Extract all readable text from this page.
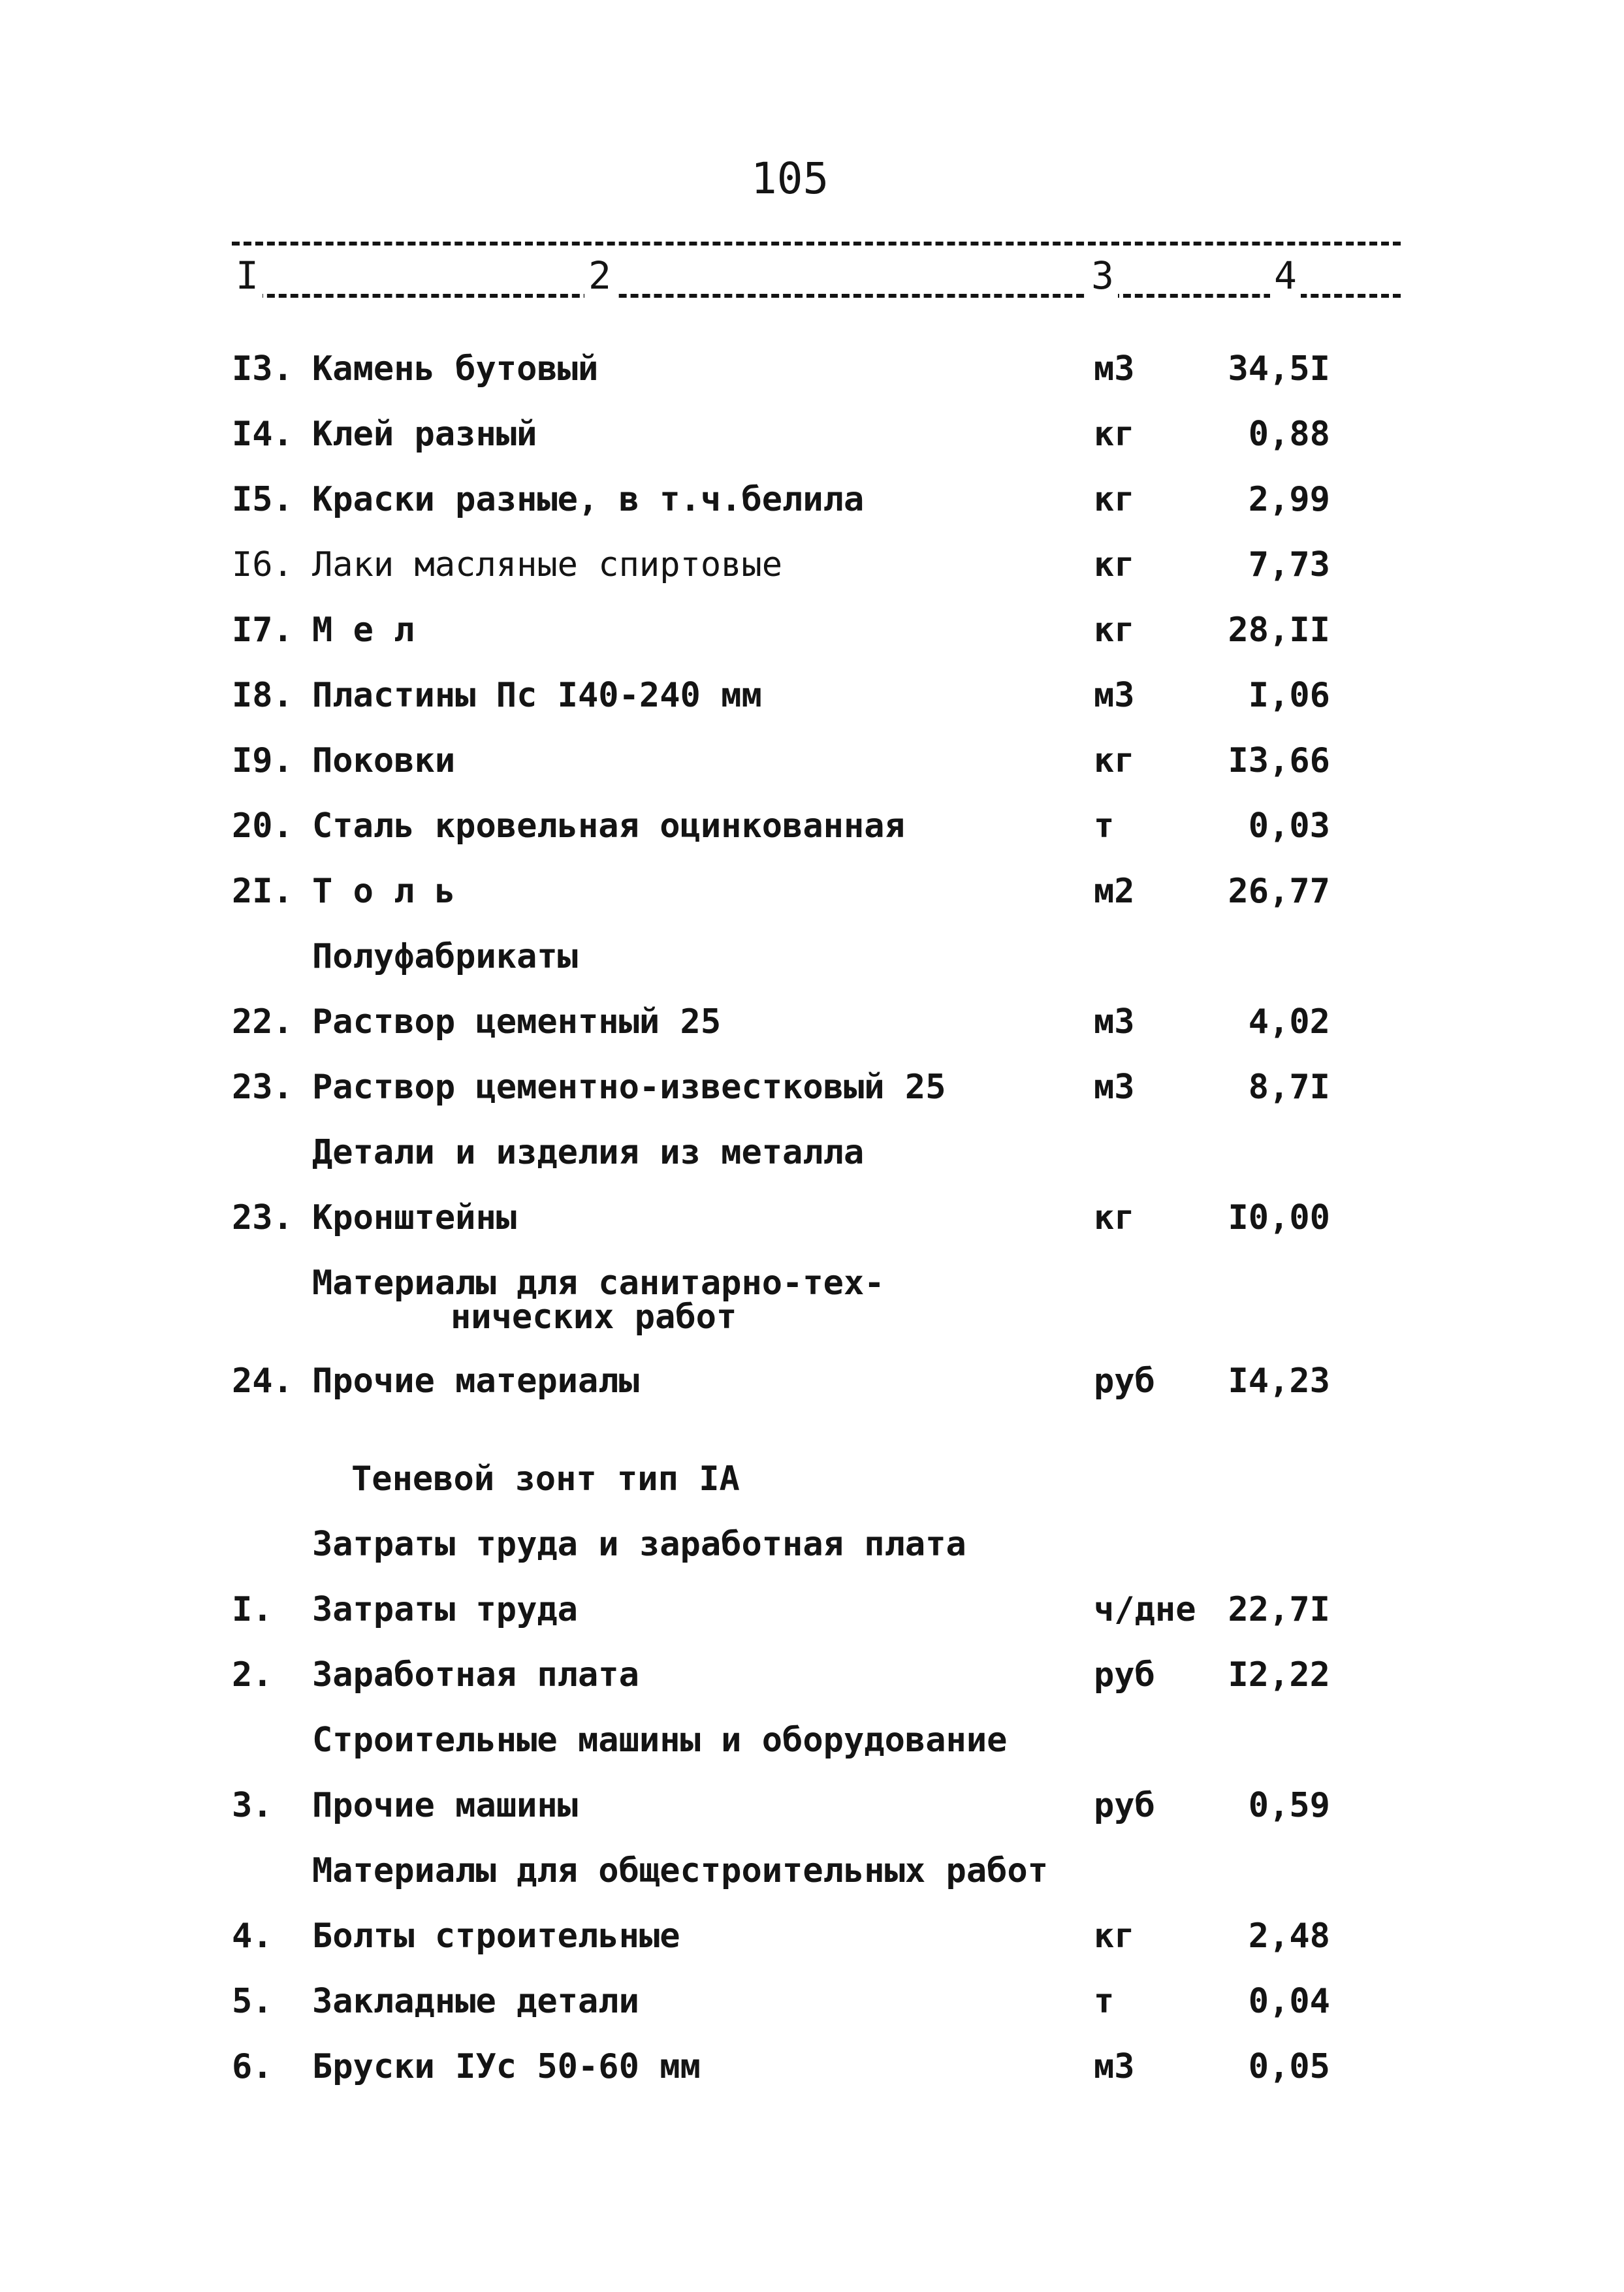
105
I	2	3	4
I3. Камень бутовый	м3	34,5I
I4. Клей разный	кг	0,88
I5. Краски разные, в т.ч.белила	кг	2,99
I6. Лаки масляные спиртовые	кг	7,73
I7. М е л	кг	28,II
I8. Пластины Пс I40-240 мм	м3	I,06
I9. Поковки	кг	I3,66
20. Сталь кровельная оцинкованная	т	0,03
2I. Т о л ь	м2	26,77
Полуфабрикаты
22. Раствор цементный 25	м3	4,02
23. Раствор цементно-известковый 25	м3	8,7I
Детали и изделия из металла
23. Кронштейны	кг	I0,00
Материалы для санитарно-тех-
нических работ
24. Прочие материалы	руб I4,23
Теневой зонт тип IА
Затраты труда и заработная плата
I. Затраты труда	ч/дне 22,7I
2. Заработная плата	руб I2,22
Строительные машины и оборудование
3. Прочие машины	руб	0,59
Материалы для общестроительных работ
4. Болты строительные	кг	2,48
5. Закладные детали	т	0,04
6. Бруски IУс 50-60 мм	м3	0,05
